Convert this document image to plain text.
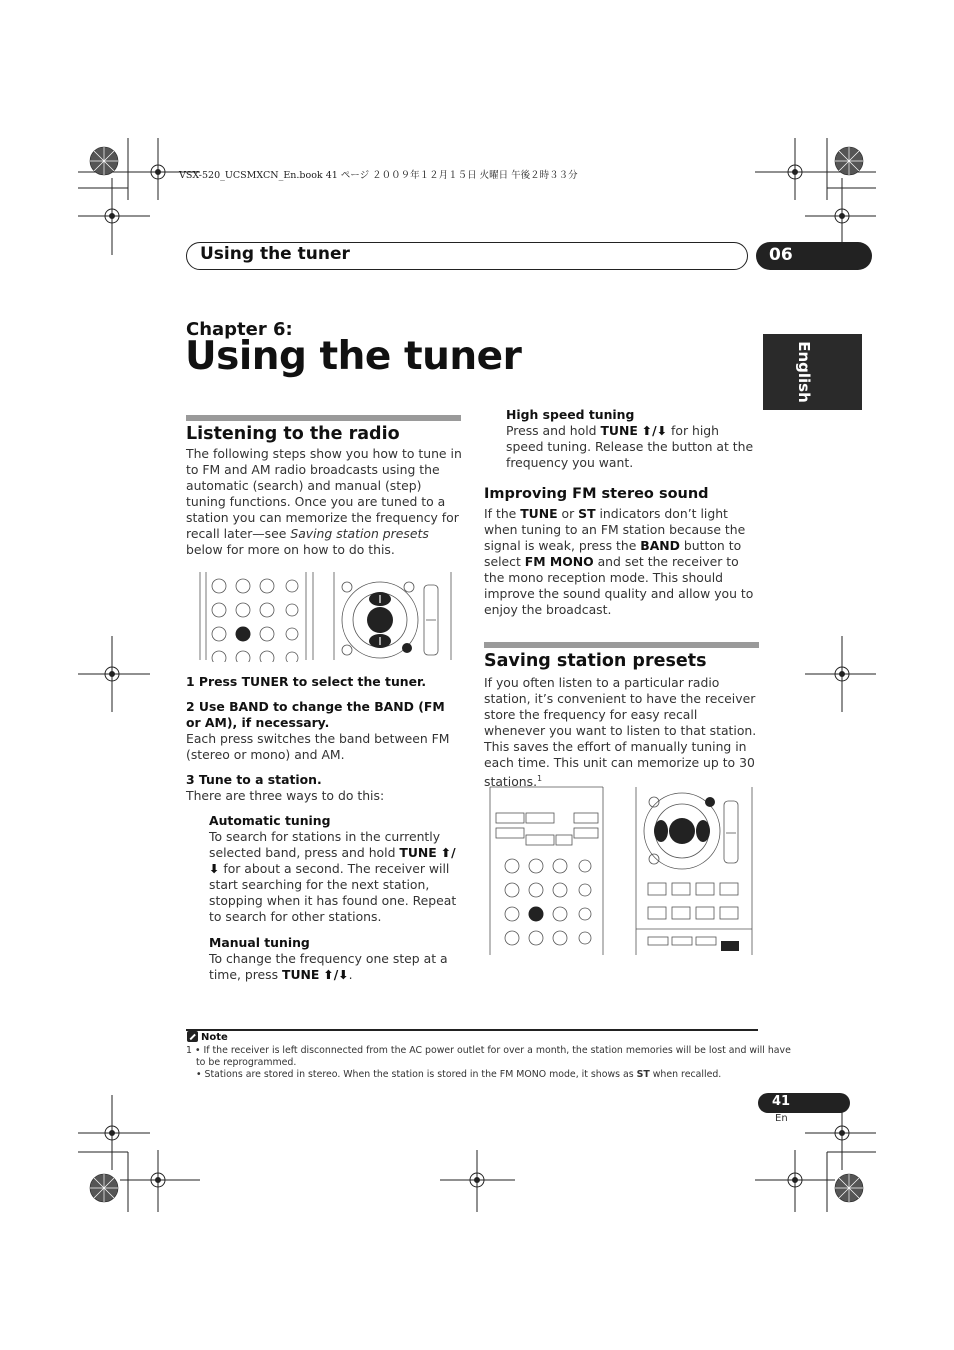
VSX-520_UCSMXCN_En.book 41 ページ ２００９年１２月１５日 火曜日 午後２時３３分
Using the tuner	06
English
Chapter 6:
Using the tuner
Listening to the radio
The following steps show you how to tune in to FM and AM radio broadcasts using the automatic (search) and manual (step) tuning functions. Once you are tuned to a station you can memorize the frequency for recall later—see Saving station presets below for more on how to do this.
1 Press TUNER to select the tuner.
2 Use BAND to change the BAND (FM or AM), if necessary.
Each press switches the band between FM (stereo or mono) and AM.
3 Tune to a station.
There are three ways to do this:
Automatic tuning
To search for stations in the currently selected band, press and hold TUNE ⬆/⬇ for about a second. The receiver will start searching for the next station, stopping when it has found one. Repeat to search for other stations.
Manual tuning
To change the frequency one step at a time, press TUNE ⬆/⬇.
High speed tuning
Press and hold TUNE ⬆/⬇ for high speed tuning. Release the button at the frequency you want.
Improving FM stereo sound
If the TUNE or ST indicators don’t light when tuning to an FM station because the signal is weak, press the BAND button to select FM MONO and set the receiver to the mono reception mode. This should improve the sound quality and allow you to enjoy the broadcast.
Saving station presets
If you often listen to a particular radio station, it’s convenient to have the receiver store the frequency for easy recall whenever you want to listen to that station. This saves the effort of manually tuning in each time. This unit can memorize up to 30 stations.$^1$
Note
1 • If the receiver is left disconnected from the AC power outlet for over a month, the station memories will be lost and will have
to be reprogrammed.
• Stations are stored in stereo. When the station is stored in the FM MONO mode, it shows as ST when recalled.
41
En
